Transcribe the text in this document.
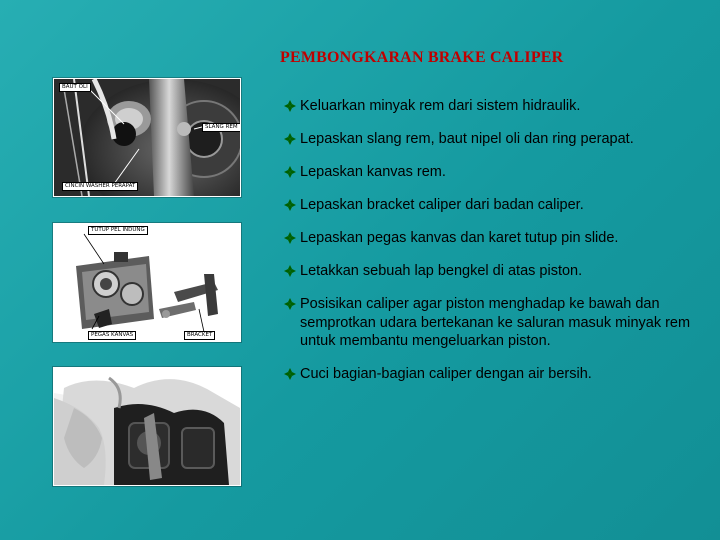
PEMBONGKARAN BRAKE CALIPER
BAUT OLI
SLANG REM
CINCIN WASHER PERAPAT
TUTUP PEL INDUNG
PEGAS KANVAS	BRACKET
Keluarkan minyak rem dari sistem hidraulik.
Lepaskan slang rem, baut nipel oli dan ring perapat.
Lepaskan kanvas rem.
Lepaskan bracket caliper dari badan caliper.
Lepaskan pegas kanvas dan karet tutup pin slide.
Letakkan sebuah lap bengkel di atas piston.
Posisikan caliper agar piston menghadap ke bawah dan semprotkan udara bertekanan ke saluran masuk minyak rem untuk membantu mengeluarkan piston.
Cuci bagian-bagian caliper dengan air bersih.
